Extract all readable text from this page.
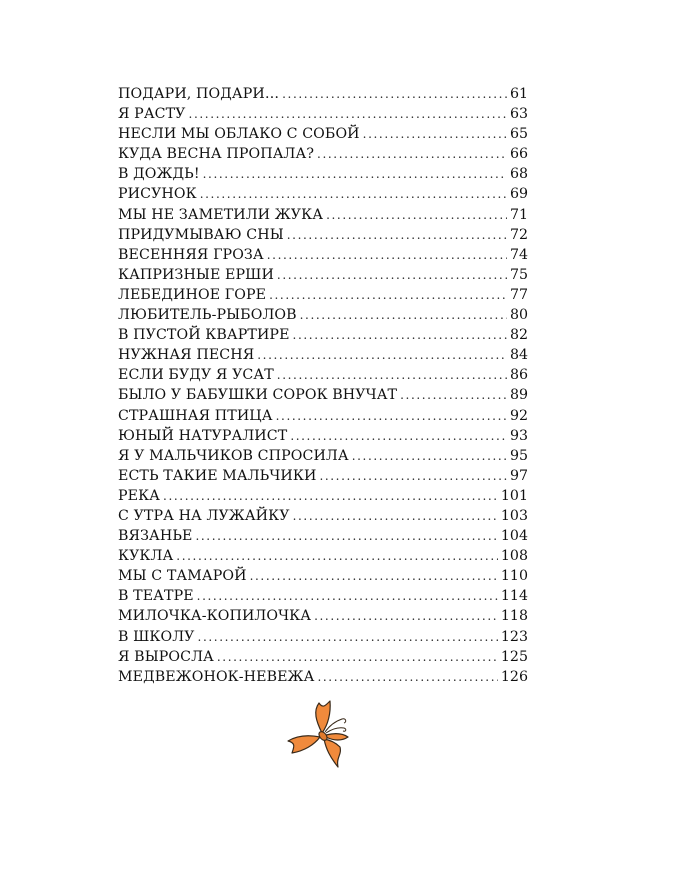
ПОДАРИ, ПОДАРИ… .....	61
Я РАСТУ .....	63
НЕСЛИ МЫ ОБЛАКО С СОБОЙ .....	65
КУДА ВЕСНА ПРОПАЛА? .....	66
В ДОЖДЬ! .....	68
РИСУНОК .....	69
МЫ НЕ ЗАМЕТИЛИ ЖУКА .....	71
ПРИДУМЫВАЮ СНЫ .....	72
ВЕСЕННЯЯ ГРОЗА .....	74
КАПРИЗНЫЕ ЕРШИ .....	75
ЛЕБЕДИНОЕ ГОРЕ .....	77
ЛЮБИТЕЛЬ-РЫБОЛОВ .....	80
В ПУСТОЙ КВАРТИРЕ .....	82
НУЖНАЯ ПЕСНЯ .....	84
ЕСЛИ БУДУ Я УСАТ .....	86
БЫЛО У БАБУШКИ СОРОК ВНУЧАТ .....	89
СТРАШНАЯ ПТИЦА .....	92
ЮНЫЙ НАТУРАЛИСТ .....	93
Я У МАЛЬЧИКОВ СПРОСИЛА .....	95
ЕСТЬ ТАКИЕ МАЛЬЧИКИ .....	97
РЕКА .....	101
С УТРА НА ЛУЖАЙКУ .....	103
ВЯЗАНЬЕ .....	104
КУКЛА .....	108
МЫ С ТАМАРОЙ .....	110
В ТЕАТРЕ .....	114
МИЛОЧКА-КОПИЛОЧКА .....	118
В ШКОЛУ .....	123
Я ВЫРОСЛА .....	125
МЕДВЕЖОНОК-НЕВЕЖА .....	126
